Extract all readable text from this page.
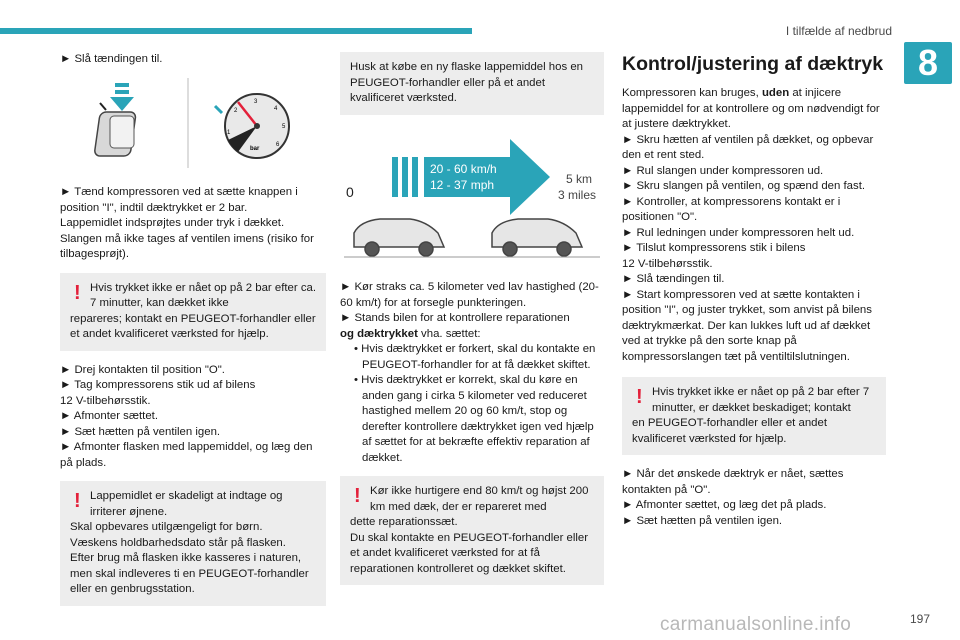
I tilfælde af nedbrud
8

► Slå tændingen til.

1
2
3
4
5
6
bar

► Tænd kompressoren ved at sætte knappen i position "I", indtil dæktrykket er 2 bar.

Lappemidlet indsprøjtes under tryk i dækket.

Slangen må ikke tages af ventilen imens (risiko for tilbagesprøjt).

! Hvis trykket ikke er nået op på 2 bar efter ca. 7 minutter, kan dækket ikke
repareres; kontakt en PEUGEOT-forhandler eller et andet kvalificeret værksted for hjælp.

► Drej kontakten til position "O".

► Tag kompressorens stik ud af bilens

12 V-tilbehørsstik.

► Afmonter sættet.

► Sæt hætten på ventilen igen.

► Afmonter flasken med lappemiddel, og læg den på plads.

! Lappemidlet er skadeligt at indtage og irriterer øjnene.
Skal opbevares utilgængeligt for børn.
Væskens holdbarhedsdato står på flasken.
Efter brug må flasken ikke kasseres i naturen, men skal indleveres ti en PEUGEOT-forhandler eller en genbrugsstation.
Husk at købe en ny flaske lappemiddel hos en PEUGEOT-forhandler eller på et andet kvalificeret værksted.
20 - 60 km/h
12 - 37 mph
0
5 km
3 miles

► Kør straks ca. 5 kilometer ved lav hastighed (20-60 km/t) for at forsegle punkteringen.

► Stands bilen for at kontrollere reparationen
og dæktrykket vha. sættet:

• Hvis dæktrykket er forkert, skal du kontakte en PEUGEOT-forhandler for at få dækket skiftet.

• Hvis dæktrykket er korrekt, skal du køre en anden gang i cirka 5 kilometer ved reduceret hastighed mellem 20 og 60 km/t, stop og derefter kontrollere dæktrykket igen ved hjælp af sættet for at bekræfte effektiv reparation af dækket.

! Kør ikke hurtigere end 80 km/t og højst 200 km med dæk, der er repareret med
dette reparationssæt.
Du skal kontakte en PEUGEOT-forhandler eller et andet kvalificeret værksted for at få reparationen kontrolleret og dækket skiftet.
Kontrol/justering af dæktryk

Kompressoren kan bruges, uden at injicere lappemiddel for at kontrollere og om nødvendigt for at justere dæktrykket.

► Skru hætten af ventilen på dækket, og opbevar den et rent sted.

► Rul slangen under kompressoren ud.

► Skru slangen på ventilen, og spænd den fast.

► Kontroller, at kompressorens kontakt er i positionen "O".

► Rul ledningen under kompressoren helt ud.

► Tilslut kompressorens stik i bilens

12 V-tilbehørsstik.

► Slå tændingen til.

► Start kompressoren ved at sætte kontakten i position "I", og juster trykket, som anvist på bilens dæktrykmærkat. Der kan lukkes luft ud af dækket ved at trykke på den sorte knap på kompressorslangen tæt på ventiltilslutningen.

! Hvis trykket ikke er nået op på 2 bar efter 7 minutter, er dækket beskadiget; kontakt
en PEUGEOT-forhandler eller et andet kvalificeret værksted for hjælp.

► Når det ønskede dæktryk er nået, sættes kontakten på "O".

► Afmonter sættet, og læg det på plads.

► Sæt hætten på ventilen igen.

carmanualsonline.info	197
